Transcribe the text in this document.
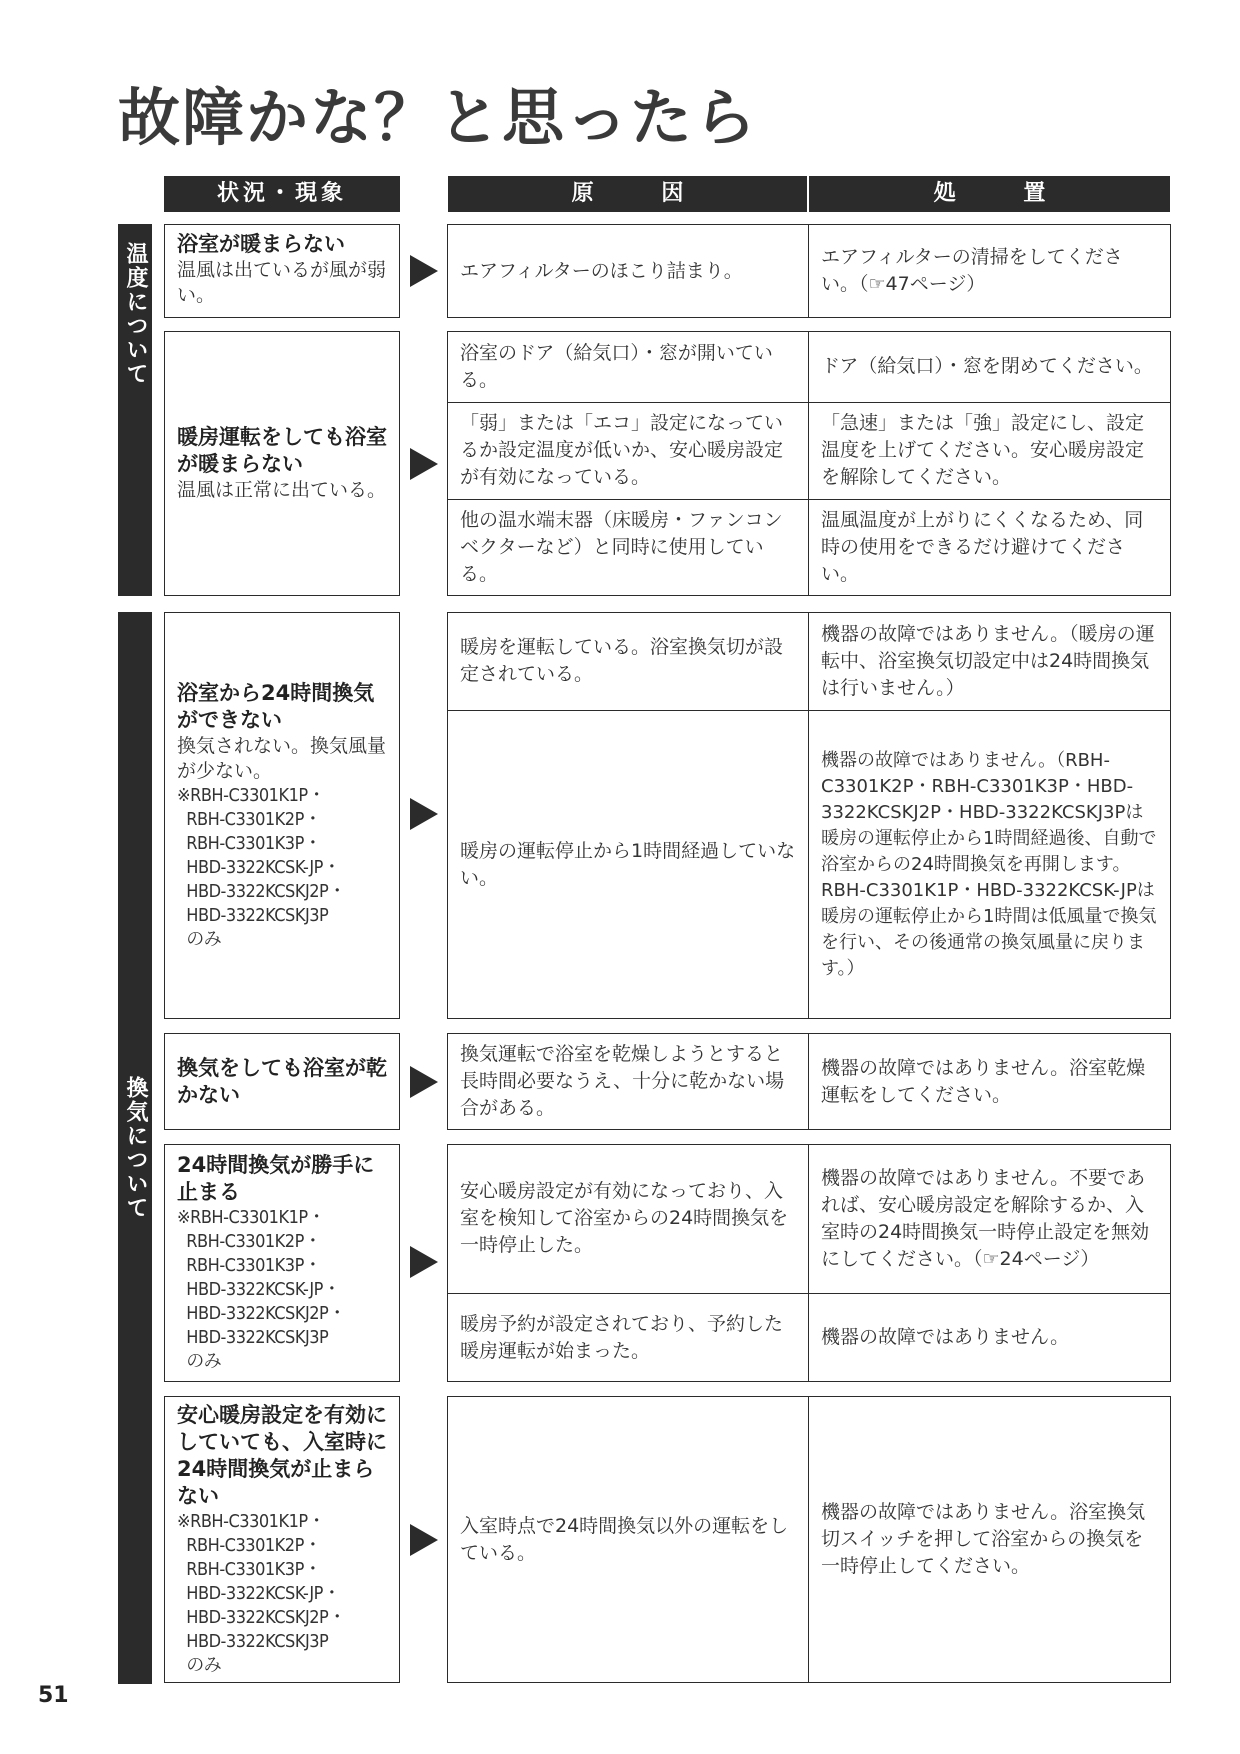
故障かな？と思ったら
状況・現象	原 因	処 置
温度について
換気について
浴室が暖まらない
温風は出ているが風が弱い。
エアフィルターのほこり詰まり。
エアフィルターの清掃をしてください。（☞47ページ）
暖房運転をしても浴室が暖まらない
温風は正常に出ている。
浴室のドア（給気口）・窓が開いている。
ドア（給気口）・窓を閉めてください。
「弱」または「エコ」設定になっているか設定温度が低いか、安心暖房設定が有効になっている。
「急速」または「強」設定にし、設定温度を上げてください。安心暖房設定を解除してください。
他の温水端末器（床暖房・ファンコンベクターなど）と同時に使用している。
温風温度が上がりにくくなるため、同時の使用をできるだけ避けてください。
浴室から24時間換気ができない
換気されない。換気風量が少ない。
※RBH-C3301K1P・
RBH-C3301K2P・
RBH-C3301K3P・
HBD-3322KCSK-JP・
HBD-3322KCSKJ2P・
HBD-3322KCSKJ3P
のみ
暖房を運転している。浴室換気切が設定されている。
機器の故障ではありません。（暖房の運転中、浴室換気切設定中は24時間換気は行いません。）
暖房の運転停止から1時間経過していない。
機器の故障ではありません。（RBH-C3301K2P・RBH-C3301K3P・HBD-3322KCSKJ2P・HBD-3322KCSKJ3Pは暖房の運転停止から1時間経過後、自動で浴室からの24時間換気を再開します。RBH-C3301K1P・HBD-3322KCSK-JPは暖房の運転停止から1時間は低風量で換気を行い、その後通常の換気風量に戻ります。）
換気をしても浴室が乾かない
換気運転で浴室を乾燥しようとすると長時間必要なうえ、十分に乾かない場合がある。
機器の故障ではありません。浴室乾燥運転をしてください。
24時間換気が勝手に止まる
※RBH-C3301K1P・
RBH-C3301K2P・
RBH-C3301K3P・
HBD-3322KCSK-JP・
HBD-3322KCSKJ2P・
HBD-3322KCSKJ3P
のみ
安心暖房設定が有効になっており、入室を検知して浴室からの24時間換気を一時停止した。
機器の故障ではありません。不要であれば、安心暖房設定を解除するか、入室時の24時間換気一時停止設定を無効にしてください。（☞24ページ）
暖房予約が設定されており、予約した暖房運転が始まった。
機器の故障ではありません。
安心暖房設定を有効にしていても、入室時に24時間換気が止まらない
※RBH-C3301K1P・
RBH-C3301K2P・
RBH-C3301K3P・
HBD-3322KCSK-JP・
HBD-3322KCSKJ2P・
HBD-3322KCSKJ3P
のみ
入室時点で24時間換気以外の運転をしている。
機器の故障ではありません。浴室換気切スイッチを押して浴室からの換気を一時停止してください。
51
